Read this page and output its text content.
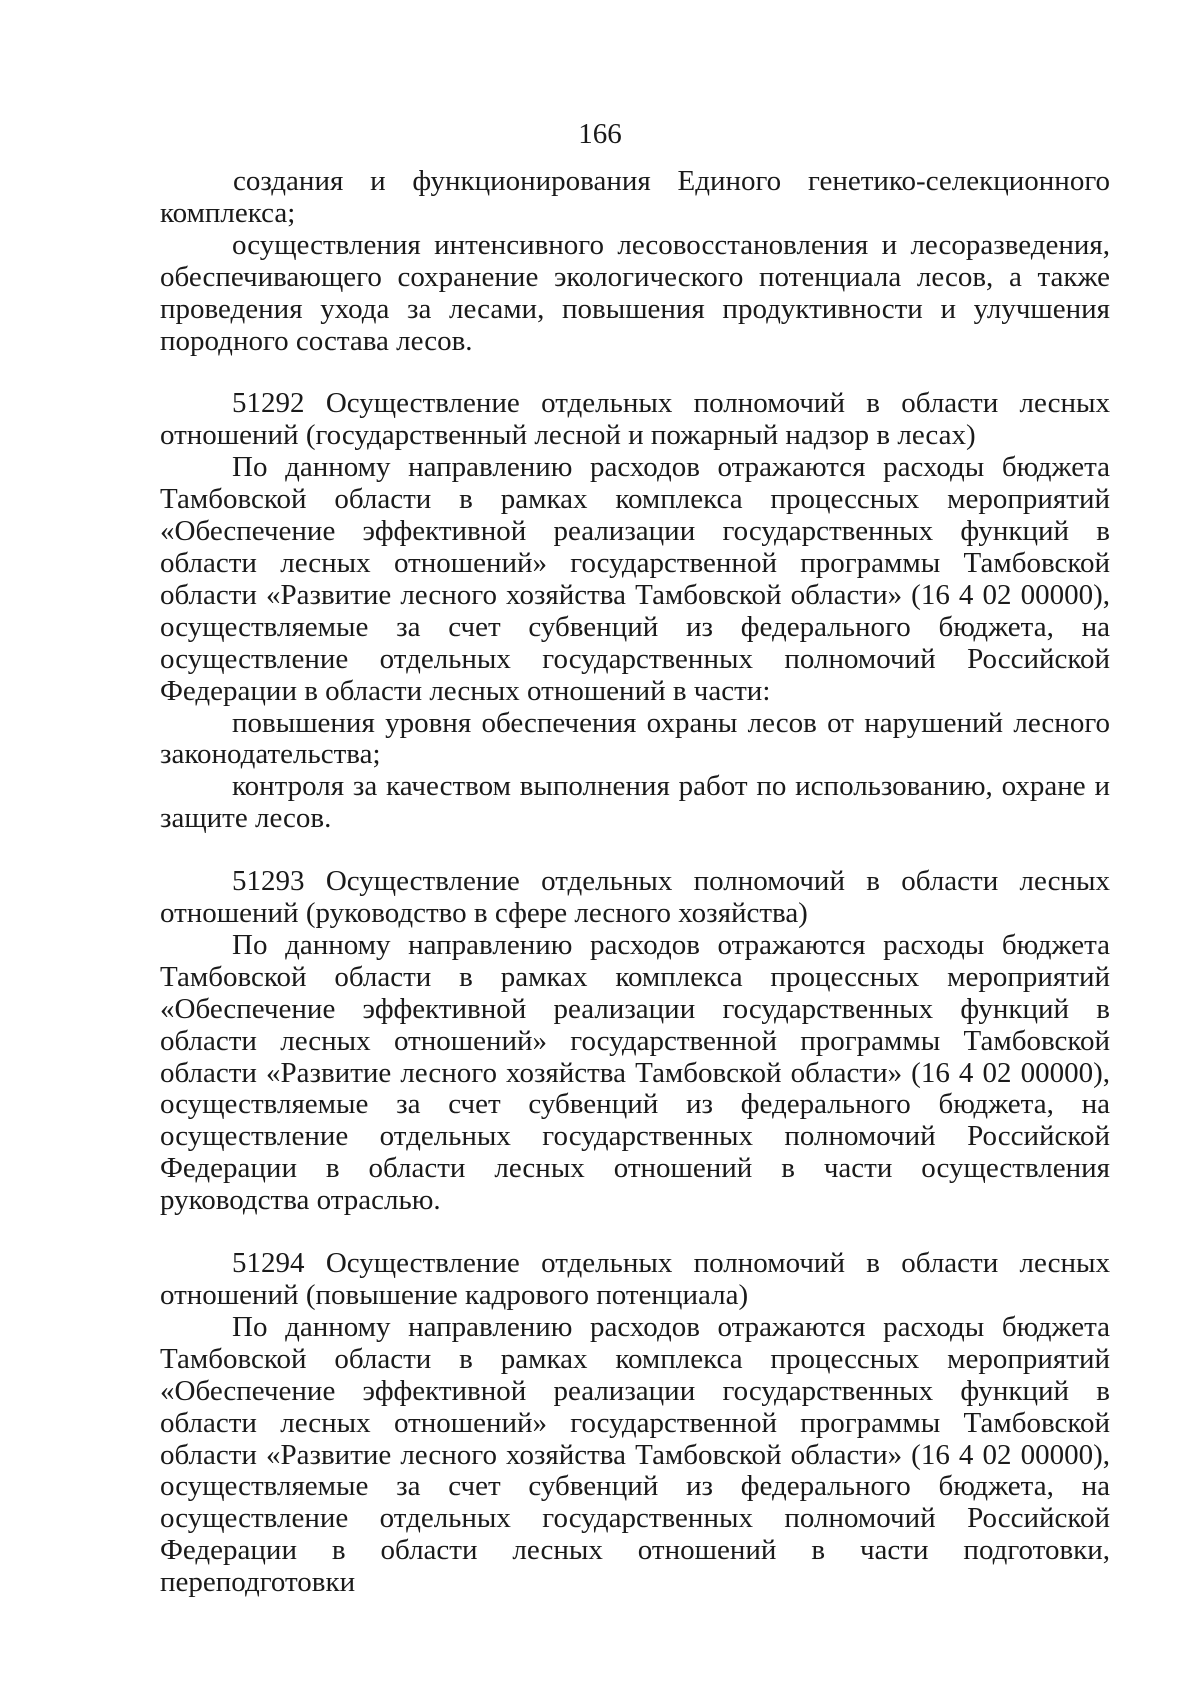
166

создания и функционирования Единого генетико-селекционного комплекса;

осуществления интенсивного лесовосстановления и лесоразведения, обеспечивающего сохранение экологического потенциала лесов, а также проведения ухода за лесами, повышения продуктивности и улучшения породного состава лесов.

51292 Осуществление отдельных полномочий в области лесных отношений (государственный лесной и пожарный надзор в лесах)

По данному направлению расходов отражаются расходы бюджета Тамбовской области в рамках комплекса процессных мероприятий «Обеспечение эффективной реализации государственных функций в области лесных отношений» государственной программы Тамбовской области «Развитие лесного хозяйства Тамбовской области» (16 4 02 00000), осуществляемые за счет субвенций из федерального бюджета, на осуществление отдельных государственных полномочий Российской Федерации в области лесных отношений в части:

повышения уровня обеспечения охраны лесов от нарушений лесного законодательства;

контроля за качеством выполнения работ по использованию, охране и защите лесов.

51293 Осуществление отдельных полномочий в области лесных отношений (руководство в сфере лесного хозяйства)

По данному направлению расходов отражаются расходы бюджета Тамбовской области в рамках комплекса процессных мероприятий «Обеспечение эффективной реализации государственных функций в области лесных отношений» государственной программы Тамбовской области «Развитие лесного хозяйства Тамбовской области» (16 4 02 00000), осуществляемые за счет субвенций из федерального бюджета, на осуществление отдельных государственных полномочий Российской Федерации в области лесных отношений в части осуществления руководства отраслью.

51294 Осуществление отдельных полномочий в области лесных отношений (повышение кадрового потенциала)

По данному направлению расходов отражаются расходы бюджета Тамбовской области в рамках комплекса процессных мероприятий «Обеспечение эффективной реализации государственных функций в области лесных отношений» государственной программы Тамбовской области «Развитие лесного хозяйства Тамбовской области» (16 4 02 00000), осуществляемые за счет субвенций из федерального бюджета, на осуществление отдельных государственных полномочий Российской Федерации в области лесных отношений в части подготовки, переподготовки
